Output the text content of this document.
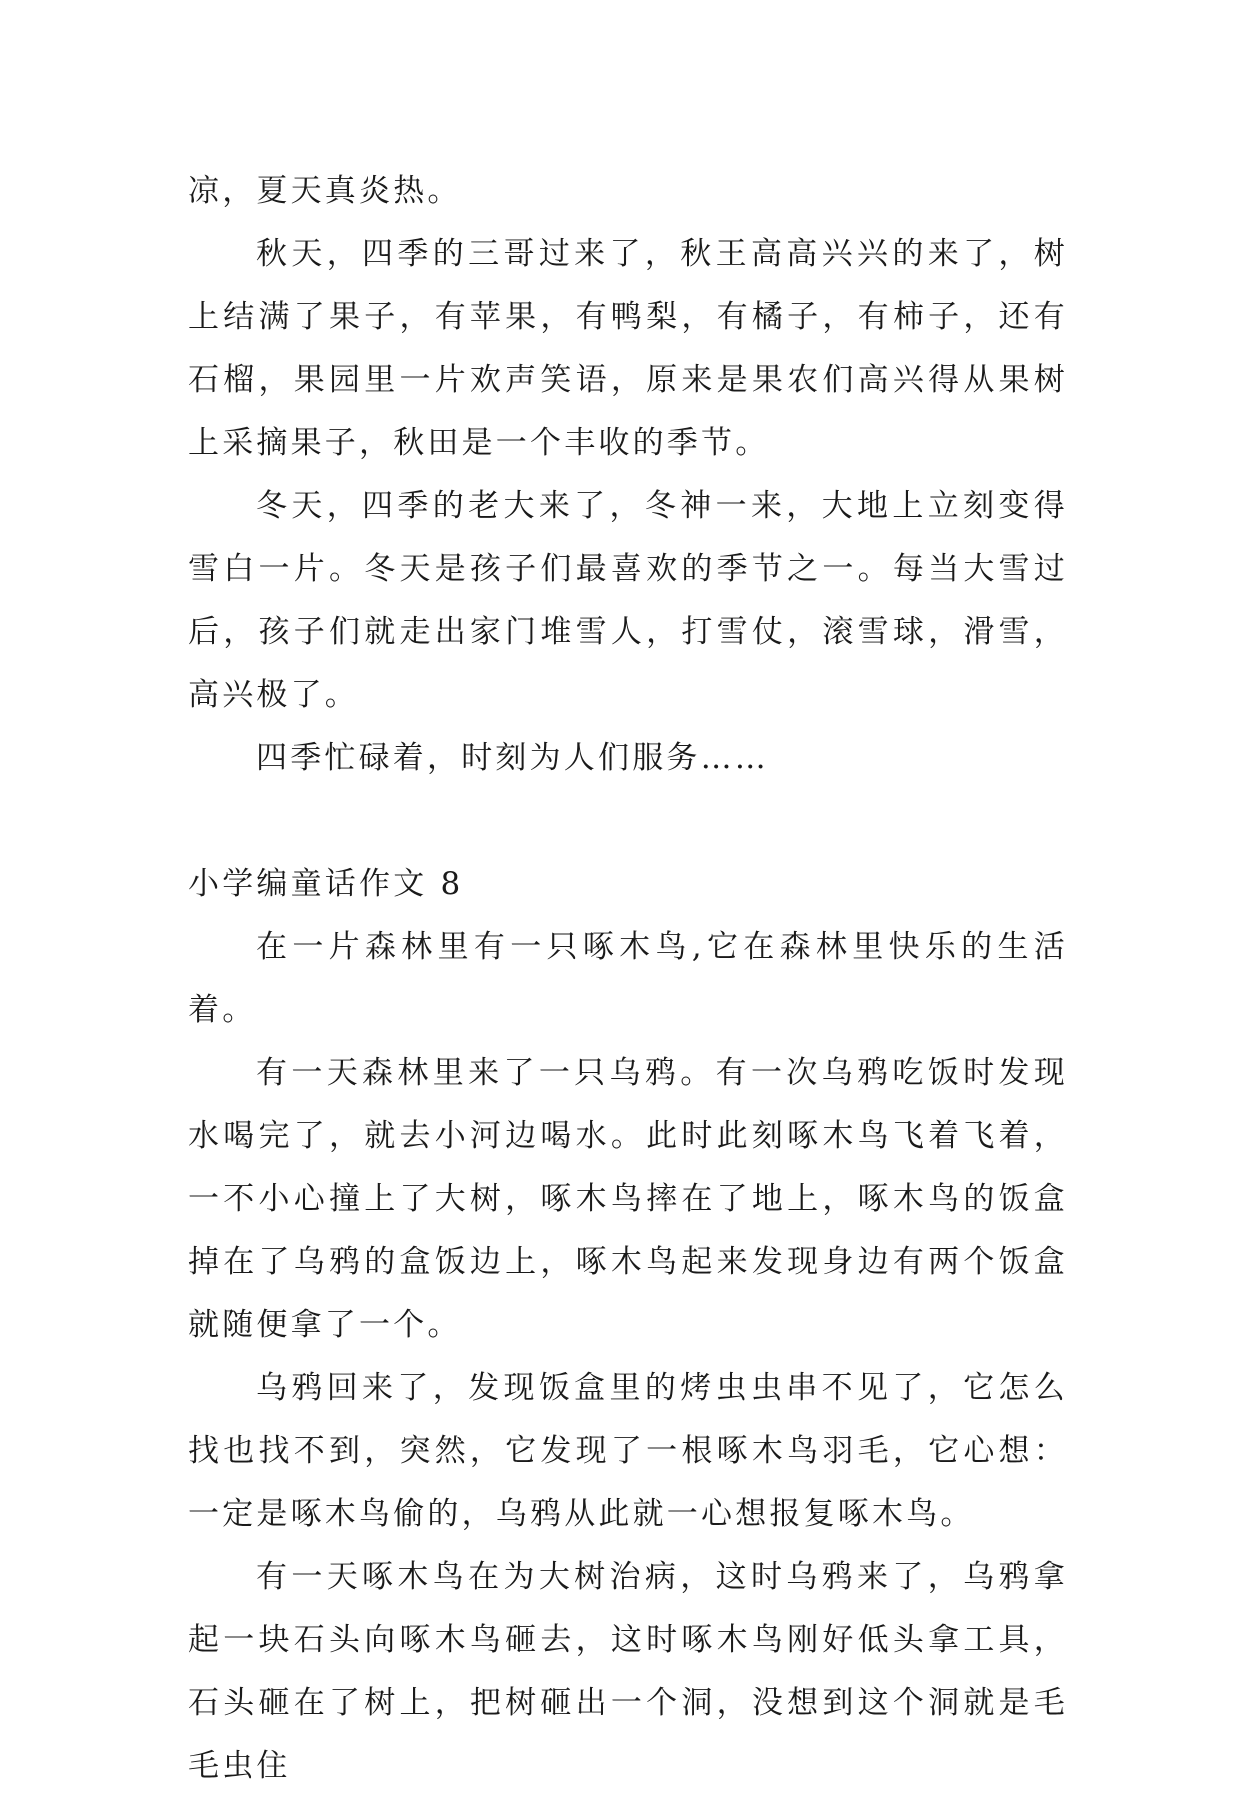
凉，夏天真炎热。

秋天，四季的三哥过来了，秋王高高兴兴的来了，树上结满了果子，有苹果，有鸭梨，有橘子，有柿子，还有石榴，果园里一片欢声笑语，原来是果农们高兴得从果树上采摘果子，秋田是一个丰收的季节。

冬天，四季的老大来了，冬神一来，大地上立刻变得雪白一片。冬天是孩子们最喜欢的季节之一。每当大雪过后，孩子们就走出家门堆雪人，打雪仗，滚雪球，滑雪，高兴极了。

四季忙碌着，时刻为人们服务……

小学编童话作文 8

在一片森林里有一只啄木鸟,它在森林里快乐的生活着。

有一天森林里来了一只乌鸦。有一次乌鸦吃饭时发现水喝完了，就去小河边喝水。此时此刻啄木鸟飞着飞着，一不小心撞上了大树，啄木鸟摔在了地上，啄木鸟的饭盒掉在了乌鸦的盒饭边上，啄木鸟起来发现身边有两个饭盒就随便拿了一个。

乌鸦回来了，发现饭盒里的烤虫虫串不见了，它怎么找也找不到，突然，它发现了一根啄木鸟羽毛，它心想：一定是啄木鸟偷的，乌鸦从此就一心想报复啄木鸟。

有一天啄木鸟在为大树治病，这时乌鸦来了，乌鸦拿起一块石头向啄木鸟砸去，这时啄木鸟刚好低头拿工具，石头砸在了树上，把树砸出一个洞，没想到这个洞就是毛毛虫住
